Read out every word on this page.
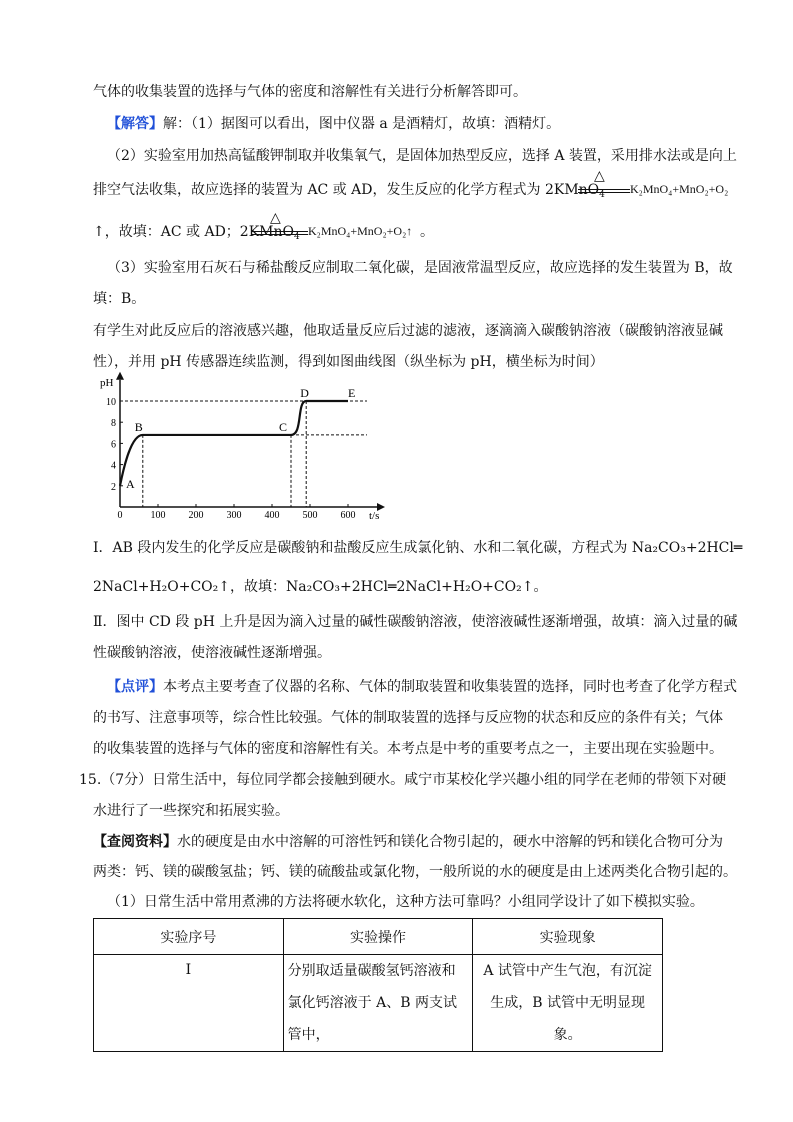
气体的收集装置的选择与气体的密度和溶解性有关进行分析解答即可。
【解答】解：（1）据图可以看出，图中仪器 a 是酒精灯，故填：酒精灯。
（2）实验室用加热高锰酸钾制取并收集氧气，是固体加热型反应，选择 A 装置，采用排水法或是向上
排空气法收集，故应选择的装置为 AC 或 AD，发生反应的化学方程式为 2KMnO$_4$
△
K₂MnO₄+MnO₂+O₂
↑，故填：AC 或 AD；2KMnO$_4$
△
K₂MnO₄+MnO₂+O₂↑ 。
（3）实验室用石灰石与稀盐酸反应制取二氧化碳，是固液常温型反应，故应选择的发生装置为 B，故
填：B。
有学生对此反应后的溶液感兴趣，他取适量反应后过滤的滤液，逐滴滴入碳酸钠溶液（碳酸钠溶液显碱
性），并用 pH 传感器连续监测，得到如图曲线图（纵坐标为 pH，横坐标为时间）
0	100 200 300 400 500 600
2
4
6
8
10
pH
t/s
A
B	C
D	E
I．AB 段内发生的化学反应是碳酸钠和盐酸反应生成氯化钠、水和二氧化碳，方程式为 Na₂CO₃+2HCl═
2NaCl+H₂O+CO₂↑，故填：Na₂CO₃+2HCl═2NaCl+H₂O+CO₂↑。
Ⅱ．图中 CD 段 pH 上升是因为滴入过量的碱性碳酸钠溶液，使溶液碱性逐渐增强，故填：滴入过量的碱
性碳酸钠溶液，使溶液碱性逐渐增强。
【点评】本考点主要考查了仪器的名称、气体的制取装置和收集装置的选择，同时也考查了化学方程式
的书写、注意事项等，综合性比较强。气体的制取装置的选择与反应物的状态和反应的条件有关；气体
的收集装置的选择与气体的密度和溶解性有关。本考点是中考的重要考点之一，主要出现在实验题中。
15.（7分）日常生活中，每位同学都会接触到硬水。咸宁市某校化学兴趣小组的同学在老师的带领下对硬
水进行了一些探究和拓展实验。
【查阅资料】水的硬度是由水中溶解的可溶性钙和镁化合物引起的，硬水中溶解的钙和镁化合物可分为
两类：钙、镁的碳酸氢盐；钙、镁的硫酸盐或氯化物，一般所说的水的硬度是由上述两类化合物引起的。
（1）日常生活中常用煮沸的方法将硬水软化，这种方法可靠吗？小组同学设计了如下模拟实验。
实验序号	实验操作	实验现象
I	分别取适量碳酸氢钙溶液和氯化钙溶液于 A、B 两支试管中，	A 试管中产生气泡，有沉淀生成，B 试管中无明显现象。
